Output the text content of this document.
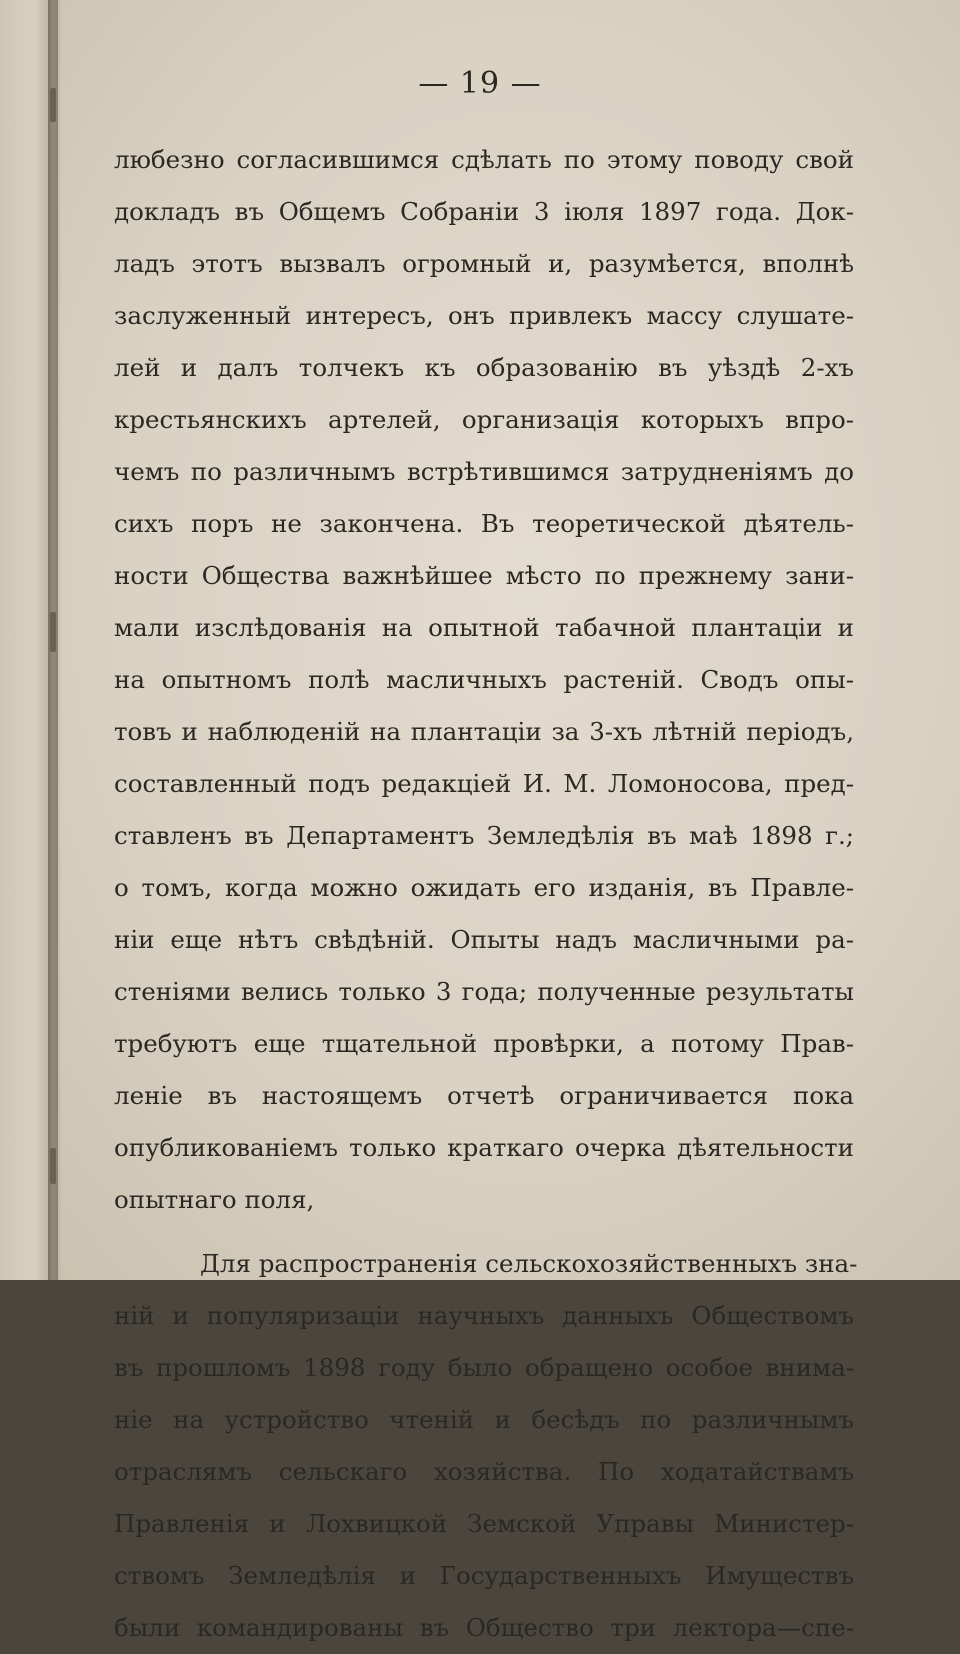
— 19 —
любезно согласившимся сдѣлать по этому поводу свой
докладъ въ Общемъ Собраніи 3 іюля 1897 года. Док-
ладъ этотъ вызвалъ огромный и, разумѣется, вполнѣ
заслуженный интересъ, онъ привлекъ массу слушате-
лей и далъ толчекъ къ образованію въ уѣздѣ 2-хъ
крестьянскихъ артелей, организація которыхъ впро-
чемъ по различнымъ встрѣтившимся затрудненіямъ до
сихъ поръ не закончена. Въ теоретической дѣятель-
ности Общества важнѣйшее мѣсто по прежнему зани-
мали изслѣдованія на опытной табачной плантаціи и
на опытномъ полѣ масличныхъ растеній. Сводъ опы-
товъ и наблюденій на плантаціи за 3-хъ лѣтній періодъ,
составленный подъ редакціей И. М. Ломоносова, пред-
ставленъ въ Департаментъ Земледѣлія въ маѣ 1898 г.;
о томъ, когда можно ожидать его изданія, въ Правле-
ніи еще нѣтъ свѣдѣній. Опыты надъ масличными ра-
стеніями велись только 3 года; полученные результаты
требуютъ еще тщательной провѣрки, а потому Прав-
леніе въ настоящемъ отчетѣ ограничивается пока
опубликованіемъ только краткаго очерка дѣятельности
опытнаго поля,
Для распространенія сельскохозяйственныхъ зна-
ній и популяризаціи научныхъ данныхъ Обществомъ
въ прошломъ 1898 году было обращено особое внима-
ніе на устройство чтеній и бесѣдъ по различнымъ
отраслямъ сельскаго хозяйства. По ходатайствамъ
Правленія и Лохвицкой Земской Управы Министер-
ствомъ Земледѣлія и Государственныхъ Имуществъ
были командированы въ Общество три лектора—спе-
